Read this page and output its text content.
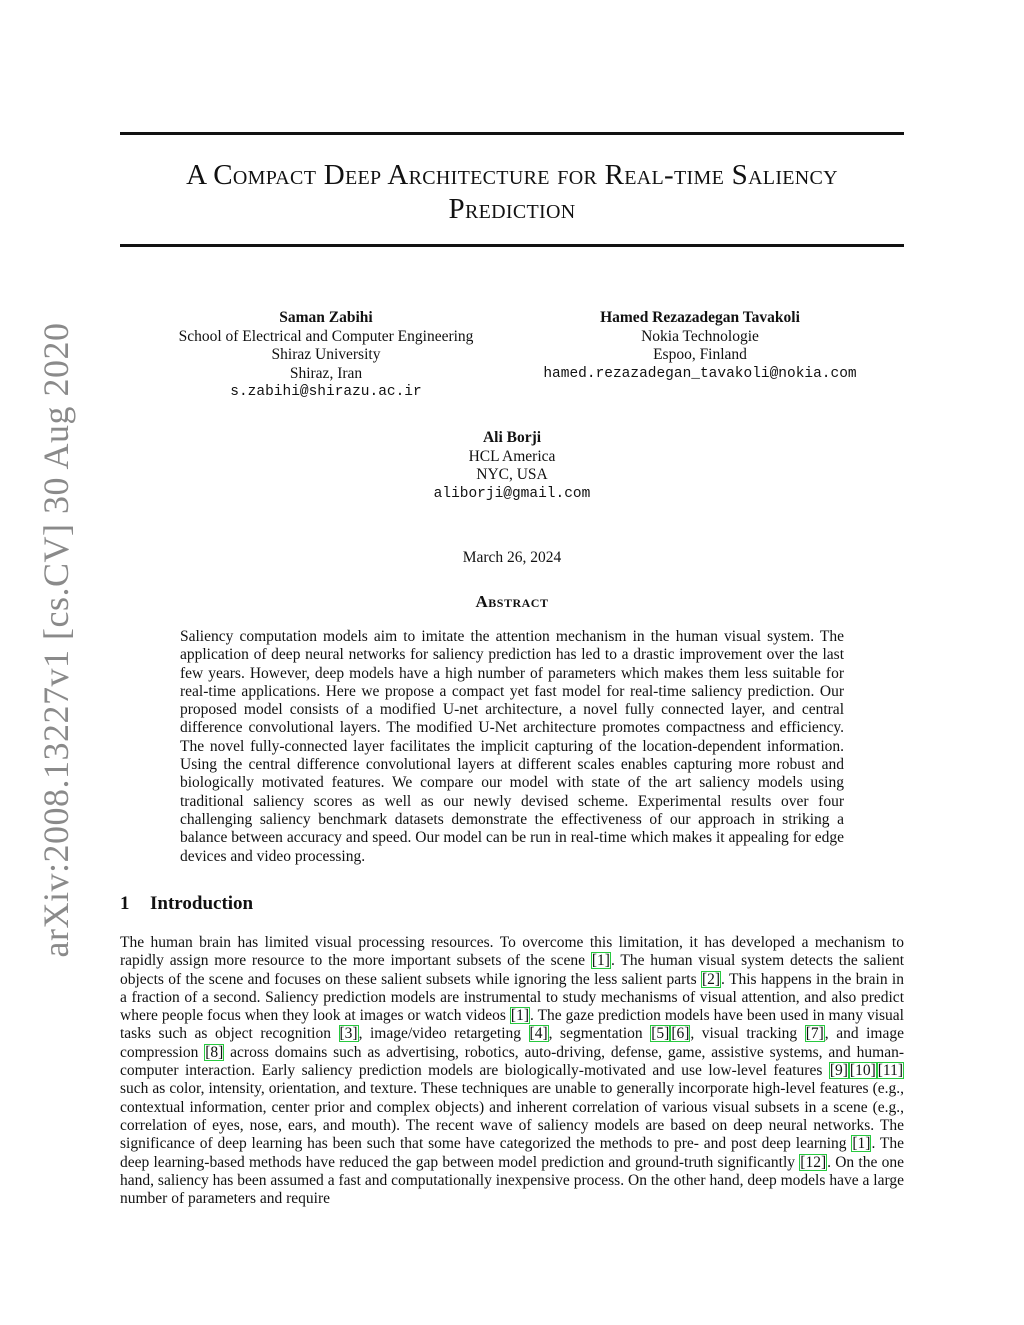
arXiv:2008.13227v1 [cs.CV] 30 Aug 2020
A Compact Deep Architecture for Real-time Saliency Prediction
Saman Zabihi
School of Electrical and Computer Engineering
Shiraz University
Shiraz, Iran
s.zabihi@shirazu.ac.ir
Hamed Rezazadegan Tavakoli
Nokia Technologie
Espoo, Finland
hamed.rezazadegan_tavakoli@nokia.com
Ali Borji
HCL America
NYC, USA
aliborji@gmail.com
March 26, 2024
Abstract

Saliency computation models aim to imitate the attention mechanism in the human visual system. The application of deep neural networks for saliency prediction has led to a drastic improvement over the last few years. However, deep models have a high number of parameters which makes them less suitable for real-time applications. Here we propose a compact yet fast model for real-time saliency prediction. Our proposed model consists of a modified U-net architecture, a novel fully connected layer, and central difference convolutional layers. The modified U-Net architecture promotes compactness and efficiency. The novel fully-connected layer facilitates the implicit capturing of the location-dependent information. Using the central difference convolutional layers at different scales enables capturing more robust and biologically motivated features. We compare our model with state of the art saliency models using traditional saliency scores as well as our newly devised scheme. Experimental results over four challenging saliency benchmark datasets demonstrate the effectiveness of our approach in striking a balance between accuracy and speed. Our model can be run in real-time which makes it appealing for edge devices and video processing.

1 Introduction

The human brain has limited visual processing resources. To overcome this limitation, it has developed a mechanism to rapidly assign more resource to the more important subsets of the scene [1]. The human visual system detects the salient objects of the scene and focuses on these salient subsets while ignoring the less salient parts [2]. This happens in the brain in a fraction of a second. Saliency prediction models are instrumental to study mechanisms of visual attention, and also predict where people focus when they look at images or watch videos [1]. The gaze prediction models have been used in many visual tasks such as object recognition [3], image/video retargeting [4], segmentation [5] [6], visual tracking [7], and image compression [8] across domains such as advertising, robotics, auto-driving, defense, game, assistive systems, and human-computer interaction. Early saliency prediction models are biologically-motivated and use low-level features [9] [10] [11] such as color, intensity, orientation, and texture. These techniques are unable to generally incorporate high-level features (e.g., contextual information, center prior and complex objects) and inherent correlation of various visual subsets in a scene (e.g., correlation of eyes, nose, ears, and mouth). The recent wave of saliency models are based on deep neural networks. The significance of deep learning has been such that some have categorized the methods to pre- and post deep learning [1]. The deep learning-based methods have reduced the gap between model prediction and ground-truth significantly [12]. On the one hand, saliency has been assumed a fast and computationally inexpensive process. On the other hand, deep models have a large number of parameters and require
